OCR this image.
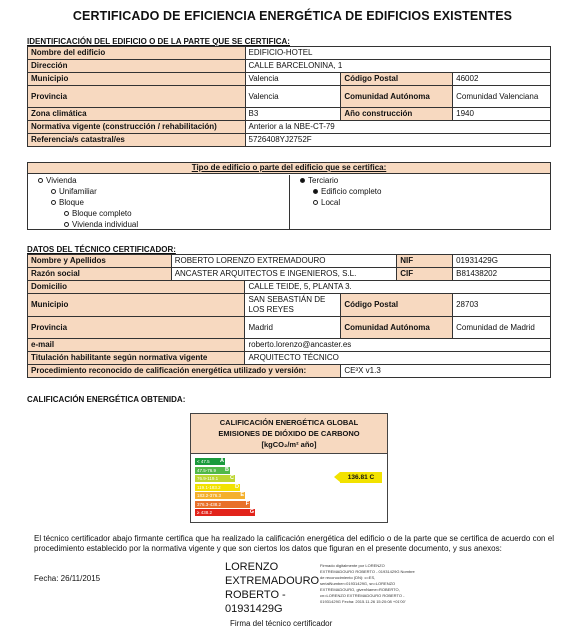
CERTIFICADO DE EFICIENCIA ENERGÉTICA DE EDIFICIOS EXISTENTES
IDENTIFICACIÓN DEL EDIFICIO O DE LA PARTE QUE SE CERTIFICA:
Nombre del edificio	EDIFICIO-HOTEL		
Dirección	CALLE BARCELONINA, 1		
Municipio	Valencia	Código Postal	46002
Provincia	Valencia	Comunidad Autónoma	Comunidad Valenciana
Zona climática	B3	Año construcción	1940
Normativa vigente (construcción / rehabilitación)	Anterior a la NBE-CT-79		
Referencia/s catastral/es	5726408YJ2752F		
Tipo de edificio o parte del edificio que se certifica:
Vivienda
Unifamiliar
Bloque
Bloque completo
Vivienda individual
Terciario
Edificio completo
Local
DATOS DEL TÉCNICO CERTIFICADOR:
Nombre y Apellidos	ROBERTO LORENZO EXTREMADOURO			NIF	01931429G
Razón social	ANCASTER ARQUITECTOS E INGENIEROS, S.L.			CIF	B81438202
Domicilio		CALLE TEIDE, 5, PLANTA 3.			
Municipio		SAN SEBASTIÁN DE LOS REYES	Código Postal		28703
Provincia		Madrid	Comunidad Autónoma		Comunidad de Madrid
e-mail		roberto.lorenzo@ancaster.es			
Titulación habilitante según normativa vigente		ARQUITECTO TÉCNICO			
Procedimiento reconocido de calificación energética utilizado y versión:			CE³X v1.3		
CALIFICACIÓN ENERGÉTICA OBTENIDA:
CALIFICACIÓN ENERGÉTICA GLOBAL
EMISIONES DE DIÓXIDO DE CARBONO
[kgCO₂/m² año]
< 47.5 A
47.5-76.9 B
76.9-119.1 C
119.1-183.2	D
183.2-376.3	E
376.3-438.2	F
≥ 438.2	G
136.81 C
El técnico certificador abajo firmante certifica que ha realizado la calificación energética del edificio o de la parte que se certifica de acuerdo con el procedimiento establecido por la normativa vigente y que son ciertos los datos que figuran en el presente documento, y sus anexos:
Fecha: 26/11/2015
LORENZO EXTREMADOURO ROBERTO - 01931429G
Firmado digitalmente por LORENZO EXTREMADOURO ROBERTO - 01931429G Nombre de reconocimiento (DN): c=ES, serialNumber=01931429G, sn=LORENZO EXTREMADOURO, givenName=ROBERTO, cn=LORENZO EXTREMADOURO ROBERTO - 01931429G Fecha: 2015.11.26 15:20:08 +01'00'
Firma del técnico certificador
